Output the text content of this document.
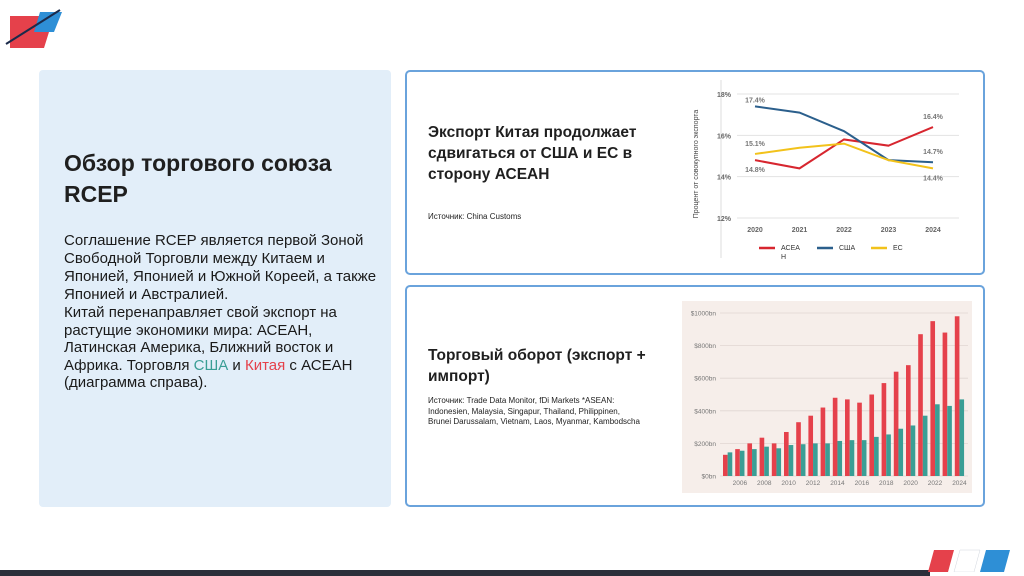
Обзор торгового союза RCEP

Соглашение RCEP является первой Зоной Свободной Торговли между Китаем и Японией, Японией и Южной Кореей, а также Японией и Австралией.

Китай перенаправляет свой экспорт на растущие экономики мира: АСЕАН, Латинская Америка, Ближний восток и Африка. Торговля США и Китая с АСЕАН (диаграмма справа).

Экспорт Китая продолжает сдвигаться от США и ЕС в сторону АСЕАН
Источник: China Customs	12%
14%
16%
18%
2020	2021	2022	2023	2024
Процент от совокупного экспорта
17.4%
15.1%
14.8%
16.4%
14.7%
14.4%
АСЕА Н
США	ЕС
Торговый оборот (экспорт + импорт)
Источник: Trade Data Monitor, fDi Markets *ASEAN: Indonesien, Malaysia, Singapur, Thailand, Philippinen, Brunei Darussalam, Vietnam, Laos, Myanmar, Kambodscha
$0bn
$200bn
$400bn
$600bn
$800bn
$1000bn
2006 2008 2010 2012 2014 2016 2018 2020 2022 2024
